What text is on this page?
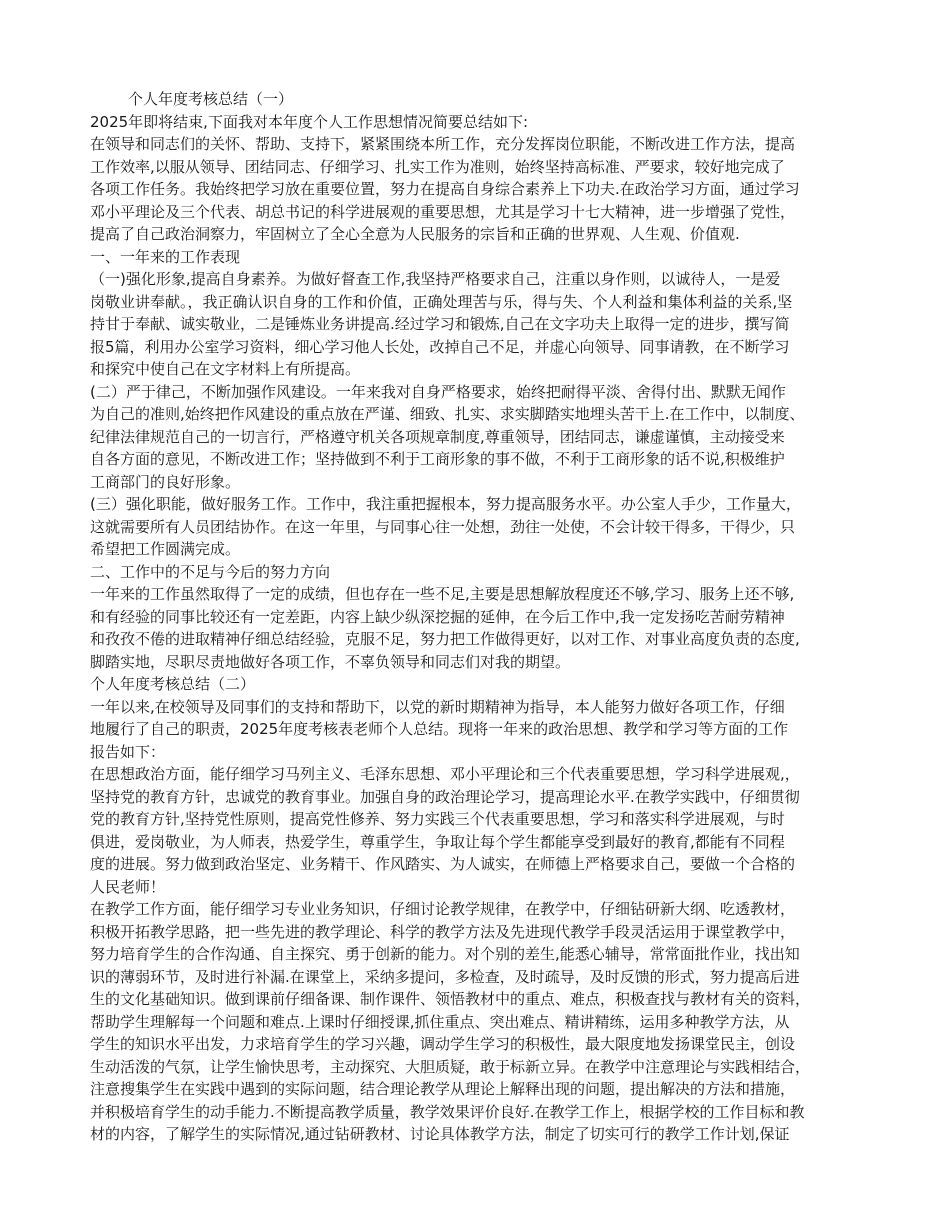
个人年度考核总结（一）
2025年即将结束,下面我对本年度个人工作思想情况简要总结如下:
在领导和同志们的关怀、帮助、支持下，紧紧围绕本所工作，充分发挥岗位职能，不断改进工作方法，提高
工作效率,以服从领导、团结同志、仔细学习、扎实工作为准则，始终坚持高标准、严要求，较好地完成了
各项工作任务。我始终把学习放在重要位置，努力在提高自身综合素养上下功夫.在政治学习方面，通过学习
邓小平理论及三个代表、胡总书记的科学进展观的重要思想，尤其是学习十七大精神，进一步增强了党性，
提高了自己政治洞察力，牢固树立了全心全意为人民服务的宗旨和正确的世界观、人生观、价值观.
一、一年来的工作表现
（一)强化形象,提高自身素养。为做好督查工作,我坚持严格要求自己，注重以身作则，以诚待人，一是爱
岗敬业讲奉献。，我正确认识自身的工作和价值，正确处理苦与乐，得与失、个人利益和集体利益的关系,坚
持甘于奉献、诚实敬业，二是锤炼业务讲提高.经过学习和锻炼,自己在文字功夫上取得一定的进步，撰写简
报5篇，利用办公室学习资料，细心学习他人长处，改掉自己不足，并虚心向领导、同事请教，在不断学习
和探究中使自己在文字材料上有所提高。
(二）严于律己，不断加强作风建设。一年来我对自身严格要求，始终把耐得平淡、舍得付出、默默无闻作
为自己的准则,始终把作风建设的重点放在严谨、细致、扎实、求实脚踏实地埋头苦干上.在工作中，以制度、
纪律法律规范自己的一切言行，严格遵守机关各项规章制度,尊重领导，团结同志，谦虚谨慎，主动接受来
自各方面的意见，不断改进工作；坚持做到不利于工商形象的事不做，不利于工商形象的话不说,积极维护
工商部门的良好形象。
(三）强化职能，做好服务工作。工作中，我注重把握根本，努力提高服务水平。办公室人手少，工作量大，
这就需要所有人员团结协作。在这一年里，与同事心往一处想，劲往一处使，不会计较干得多，干得少，只
希望把工作圆满完成。
二、工作中的不足与今后的努力方向
一年来的工作虽然取得了一定的成绩，但也存在一些不足,主要是思想解放程度还不够,学习、服务上还不够,
和有经验的同事比较还有一定差距，内容上缺少纵深挖掘的延伸，在今后工作中,我一定发扬吃苦耐劳精神
和孜孜不倦的进取精神仔细总结经验，克服不足，努力把工作做得更好，以对工作、对事业高度负责的态度,
脚踏实地，尽职尽责地做好各项工作，不辜负领导和同志们对我的期望。
个人年度考核总结（二）
一年以来,在校领导及同事们的支持和帮助下，以党的新时期精神为指导，本人能努力做好各项工作，仔细
地履行了自己的职责，2025年度考核表老师个人总结。现将一年来的政治思想、教学和学习等方面的工作
报告如下：
在思想政治方面，能仔细学习马列主义、毛泽东思想、邓小平理论和三个代表重要思想，学习科学进展观,，
坚持党的教育方针，忠诚党的教育事业。加强自身的政治理论学习，提高理论水平.在教学实践中，仔细贯彻
党的教育方针,坚持党性原则，提高党性修养、努力实践三个代表重要思想，学习和落实科学进展观，与时
俱进，爱岗敬业，为人师表，热爱学生，尊重学生，争取让每个学生都能享受到最好的教育,都能有不同程
度的进展。努力做到政治坚定、业务精干、作风踏实、为人诚实，在师德上严格要求自己，要做一个合格的
人民老师！
在教学工作方面，能仔细学习专业业务知识，仔细讨论教学规律，在教学中，仔细钻研新大纲、吃透教材，
积极开拓教学思路，把一些先进的教学理论、科学的教学方法及先进现代教学手段灵活运用于课堂教学中，
努力培育学生的合作沟通、自主探究、勇于创新的能力。对个别的差生,能悉心辅导，常常面批作业，找出知
识的薄弱环节，及时进行补漏.在课堂上，采纳多提问，多检查，及时疏导，及时反馈的形式，努力提高后进
生的文化基础知识。做到课前仔细备课、制作课件、领悟教材中的重点、难点，积极查找与教材有关的资料，
帮助学生理解每一个问题和难点.上课时仔细授课,抓住重点、突出难点、精讲精练，运用多种教学方法，从
学生的知识水平出发，力求培育学生的学习兴趣，调动学生学习的积极性，最大限度地发扬课堂民主，创设
生动活泼的气氛，让学生愉快思考，主动探究、大胆质疑，敢于标新立异。在教学中注意理论与实践相结合，
注意搜集学生在实践中遇到的实际问题，结合理论教学从理论上解释出现的问题，提出解决的方法和措施，
并积极培育学生的动手能力.不断提高教学质量，教学效果评价良好.在教学工作上，根据学校的工作目标和教
材的内容，了解学生的实际情况,通过钻研教材、讨论具体教学方法，制定了切实可行的教学工作计划,保证
